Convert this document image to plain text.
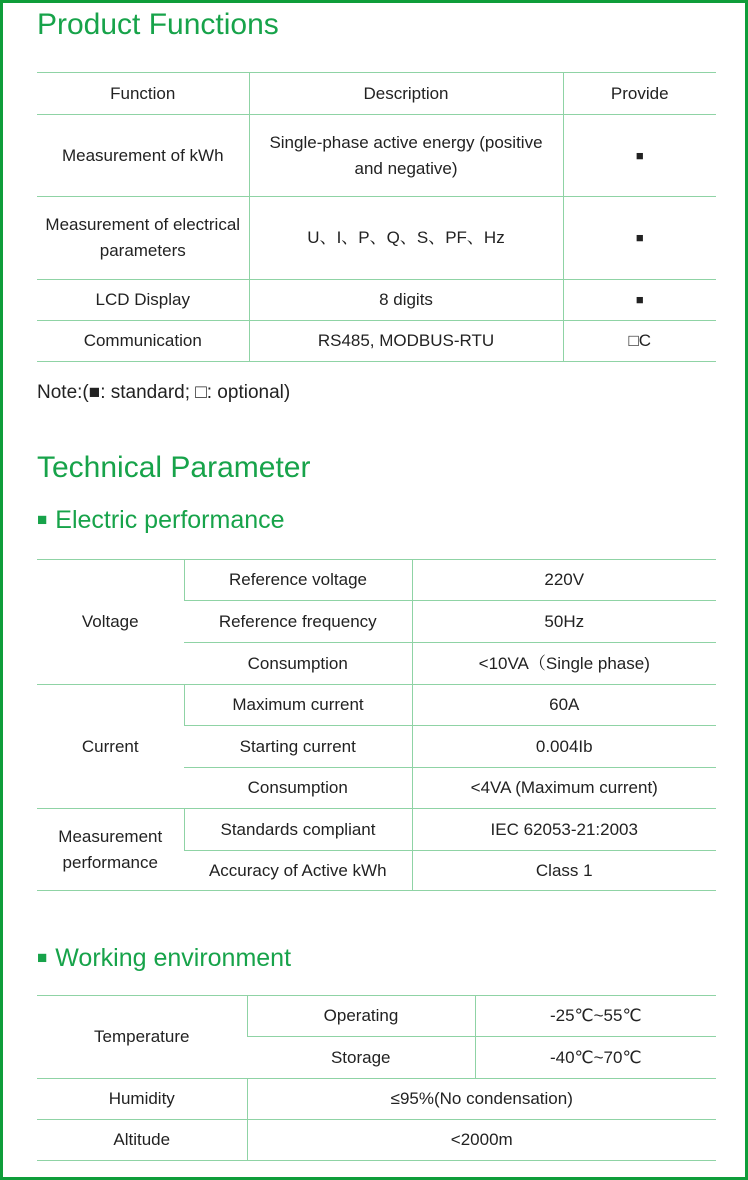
Product Functions
Function	Description	Provide
Measurement of kWh	Single-phase active energy (positive and negative)	■
Measurement of electrical parameters	U、I、P、Q、S、PF、Hz	■
LCD Display	8 digits	■
Communication	RS485, MODBUS-RTU	□C
Note:(■: standard; □: optional)
Technical Parameter
■ Electric performance
Voltage	Reference voltage	220V
	Reference frequency	50Hz
	Consumption	<10VA（Single phase)
Current	Maximum current	60A
	Starting current	0.004Ib
	Consumption	<4VA (Maximum current)
Measurement performance	Standards compliant	IEC 62053-21:2003
	Accuracy of Active kWh	Class 1
■ Working environment
Temperature	Operating	-25℃~55℃
	Storage	-40℃~70℃
Humidity	≤95%(No condensation)	
Altitude	<2000m	
